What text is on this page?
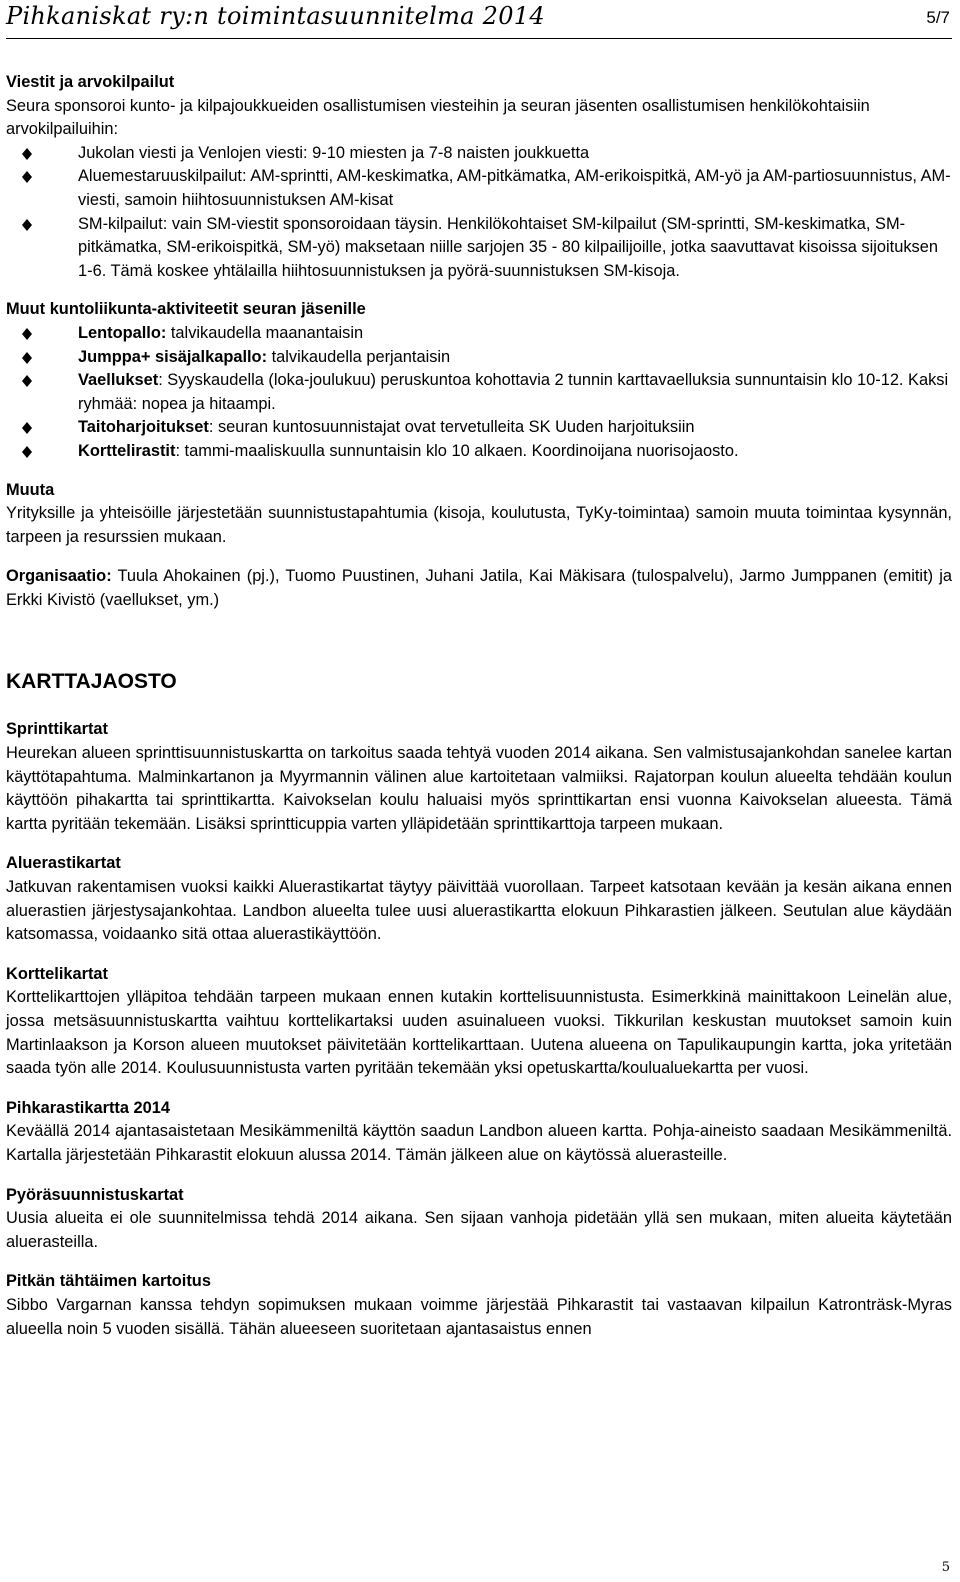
Pihkaniskat ry:n toimintasuunnitelma 2014	5/7
Viestit ja arvokilpailut
Seura sponsoroi kunto- ja kilpajoukkueiden osallistumisen viesteihin ja seuran jäsenten osallistumisen henkilökohtaisiin arvokilpailuihin:
Jukolan viesti ja Venlojen viesti: 9-10 miesten ja 7-8 naisten joukkuetta
Aluemestaruuskilpailut: AM-sprintti, AM-keskimatka, AM-pitkämatka, AM-erikoispitkä, AM-yö ja AM-partiosuunnistus, AM-viesti, samoin hiihtosuunnistuksen AM-kisat
SM-kilpailut: vain SM-viestit sponsoroidaan täysin. Henkilökohtaiset SM-kilpailut (SM-sprintti, SM-keskimatka, SM-pitkämatka, SM-erikoispitkä, SM-yö) maksetaan niille sarjojen 35 - 80 kilpailijoille, jotka saavuttavat kisoissa sijoituksen 1-6. Tämä koskee yhtälailla hiihtosuunnistuksen ja pyörä-suunnistuksen SM-kisoja.
Muut kuntoliikunta-aktiviteetit seuran jäsenille
Lentopallo: talvikaudella maanantaisin
Jumppa+ sisäjalkapallo: talvikaudella perjantaisin
Vaellukset: Syyskaudella (loka-joulukuu) peruskuntoa kohottavia 2 tunnin karttavaelluksia sunnuntaisin klo 10-12. Kaksi ryhmää: nopea ja hitaampi.
Taitoharjoitukset: seuran kuntosuunnistajat ovat tervetulleita SK Uuden harjoituksiin
Korttelirastit: tammi-maaliskuulla sunnuntaisin klo 10 alkaen. Koordinoijana nuorisojaosto.
Muuta
Yrityksille ja yhteisöille järjestetään suunnistustapahtumia (kisoja, koulutusta, TyKy-toimintaa) samoin muuta toimintaa kysynnän, tarpeen ja resurssien mukaan.
Organisaatio: Tuula Ahokainen (pj.), Tuomo Puustinen, Juhani Jatila, Kai Mäkisara (tulospalvelu), Jarmo Jumppanen (emitit) ja Erkki Kivistö (vaellukset, ym.)
KARTTAJAOSTO
Sprinttikartat
Heurekan alueen sprinttisuunnistuskartta on tarkoitus saada tehtyä vuoden 2014 aikana. Sen valmistusajankohdan sanelee kartan käyttötapahtuma. Malminkartanon ja Myyrmannin välinen alue kartoitetaan valmiiksi. Rajatorpan koulun alueelta tehdään koulun käyttöön pihakartta tai sprinttikartta. Kaivokselan koulu haluaisi myös sprinttikartan ensi vuonna Kaivokselan alueesta. Tämä kartta pyritään tekemään. Lisäksi sprintticuppia varten ylläpidetään sprinttikarttoja tarpeen mukaan.
Aluerastikartat
Jatkuvan rakentamisen vuoksi kaikki Aluerastikartat täytyy päivittää vuorollaan. Tarpeet katsotaan kevään ja kesän aikana ennen aluerastien järjestysajankohtaa. Landbon alueelta tulee uusi aluerastikartta elokuun Pihkarastien jälkeen. Seutulan alue käydään katsomassa, voidaanko sitä ottaa aluerastikäyttöön.
Korttelikartat
Korttelikarttojen ylläpitoa tehdään tarpeen mukaan ennen kutakin korttelisuunnistusta. Esimerkkinä mainittakoon Leinelän alue, jossa metsäsuunnistuskartta vaihtuu korttelikartaksi uuden asuinalueen vuoksi. Tikkurilan keskustan muutokset samoin kuin Martinlaakson ja Korson alueen muutokset päivitetään korttelikarttaan. Uutena alueena on Tapulikaupungin kartta, joka yritetään saada työn alle 2014. Koulusuunnistusta varten pyritään tekemään yksi opetuskartta/koulualuekartta per vuosi.
Pihkarastikartta 2014
Keväällä 2014 ajantasaistetaan Mesikämmeniltä käyttön saadun Landbon alueen kartta. Pohja-aineisto saadaan Mesikämmeniltä. Kartalla järjestetään Pihkarastit elokuun alussa 2014. Tämän jälkeen alue on käytössä aluerasteille.
Pyöräsuunnistuskartat
Uusia alueita ei ole suunnitelmissa tehdä 2014 aikana. Sen sijaan vanhoja pidetään yllä sen mukaan, miten alueita käytetään aluerasteilla.
Pitkän tähtäimen kartoitus
Sibbo Vargarnan kanssa tehdyn sopimuksen mukaan voimme järjestää Pihkarastit tai vastaavan kilpailun Katronträsk-Myras alueella noin 5 vuoden sisällä. Tähän alueeseen suoritetaan ajantasaistus ennen
5
